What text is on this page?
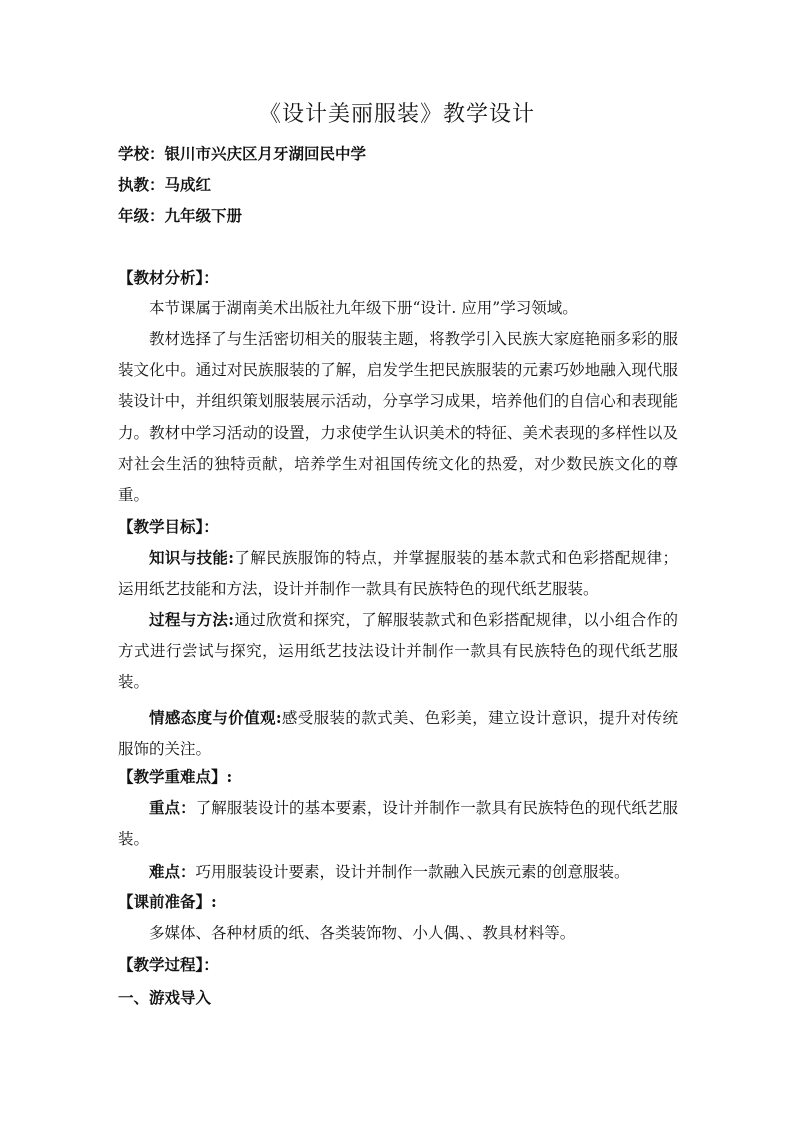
《设计美丽服装》教学设计
学校：银川市兴庆区月牙湖回民中学
执教：马成红
年级：九年级下册
【教材分析】：

本节课属于湖南美术出版社九年级下册“设计. 应用”学习领域。

教材选择了与生活密切相关的服装主题，将教学引入民族大家庭艳丽多彩的服装文化中。通过对民族服装的了解，启发学生把民族服装的元素巧妙地融入现代服装设计中，并组织策划服装展示活动，分享学习成果，培养他们的自信心和表现能力。教材中学习活动的设置，力求使学生认识美术的特征、美术表现的多样性以及对社会生活的独特贡献，培养学生对祖国传统文化的热爱，对少数民族文化的尊重。

【教学目标】：

知识与技能:了解民族服饰的特点，并掌握服装的基本款式和色彩搭配规律；运用纸艺技能和方法，设计并制作一款具有民族特色的现代纸艺服装。

过程与方法:通过欣赏和探究，了解服装款式和色彩搭配规律，以小组合作的方式进行尝试与探究，运用纸艺技法设计并制作一款具有民族特色的现代纸艺服装。

情感态度与价值观:感受服装的款式美、色彩美，建立设计意识，提升对传统服饰的关注。

【教学重难点】:

重点：了解服装设计的基本要素，设计并制作一款具有民族特色的现代纸艺服装。

难点：巧用服装设计要素，设计并制作一款融入民族元素的创意服装。

【课前准备】:

多媒体、各种材质的纸、各类装饰物、小人偶、、教具材料等。

【教学过程】：
一、游戏导入
